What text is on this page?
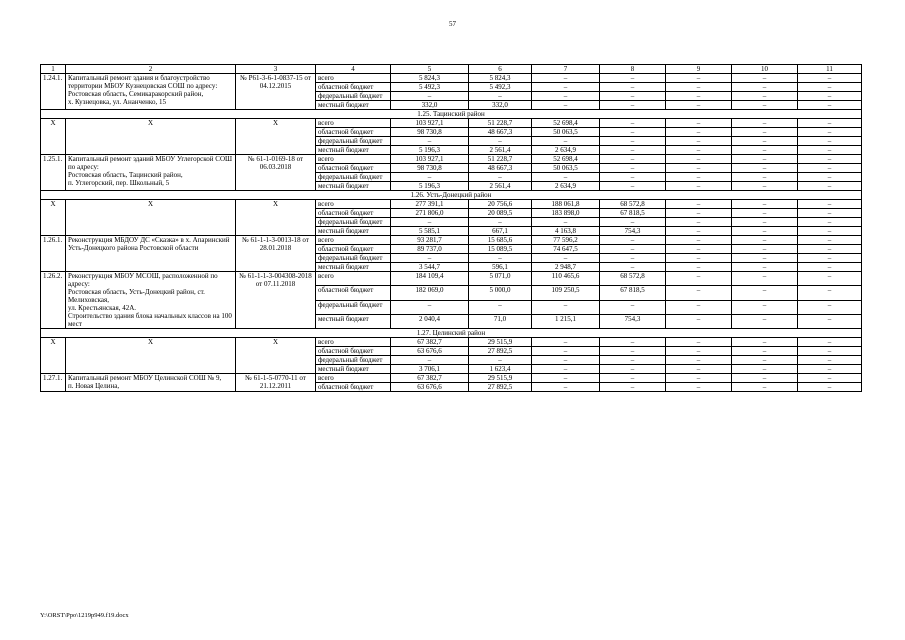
57
1	2	3	4	5	6	7	8	9	10	11
1.24.1.	Капитальный ремонт здания и благоустройство территории МБОУ Кузнецовская СОШ по адресу:
Ростовская область, Семикаракорский район,
х. Кузнецовка, ул. Ананченко, 15	№ Р61-3-6-1-0837-15 от 04.12.2015	всего	5 824,3	5 824,3	–	–	–	–	–
			областной бюджет	5 492,3	5 492,3	–	–	–	–	–
			федеральный бюджет	–	–	–	–	–	–	–
			местный бюджет	332,0	332,0	–	–	–	–	–
1.25. Тацинский район										
Х	Х	Х	всего	103 927,1	51 228,7	52 698,4	–	–	–	–
			областной бюджет	98 730,8	48 667,3	50 063,5	–	–	–	–
			федеральный бюджет	–	–	–	–	–	–	–
			местный бюджет	5 196,3	2 561,4	2 634,9	–	–	–	–
1.25.1.	Капитальный ремонт зданий МБОУ Углегорской СОШ по адресу:
Ростовская область, Тацинский район,
п. Углегорский, пер. Школьный, 5	№ 61-1-0169-18 от 06.03.2018	всего	103 927,1	51 228,7	52 698,4	–	–	–	–
			областной бюджет	98 730,8	48 667,3	50 063,5	–	–	–	–
			федеральный бюджет	–	–	–	–	–	–	–
			местный бюджет	5 196,3	2 561,4	2 634,9	–	–	–	–
1.26. Усть-Донецкий район										
Х	Х	Х	всего	277 391,1	20 756,6	188 061,8	68 572,8	–	–	–
			областной бюджет	271 806,0	20 089,5	183 898,0	67 818,5	–	–	–
			федеральный бюджет	–	–	–	–	–	–	–
			местный бюджет	5 585,1	667,1	4 163,8	754,3	–	–	–
1.26.1.	Реконструкция МБДОУ ДС «Сказка» в х. Апаринский Усть-Донецкого района Ростовской области	№ 61-1-1-3-0013-18 от 28.01.2018	всего	93 281,7	15 685,6	77 596,2	–	–	–	–
			областной бюджет	89 737,0	15 089,5	74 647,5	–	–	–	–
			федеральный бюджет	–	–	–	–	–	–	–
			местный бюджет	3 544,7	596,1	2 948,7	–	–	–	–
1.26.2.	Реконструкция МБОУ МСОШ, расположенной по адресу:
Ростовская область, Усть-Донецкий район, ст. Мелиховская,
ул. Крестьянская, 42А.
Строительство здания блока начальных классов на 100 мест	№ 61-1-1-3-004308-2018 от 07.11.2018	всего	184 109,4	5 071,0	110 465,6	68 572,8	–	–	–
			областной бюджет	182 069,0	5 000,0	109 250,5	67 818,5	–	–	–
			федеральный бюджет	–	–	–	–	–	–	–
			местный бюджет	2 040,4	71,0	1 215,1	754,3	–	–	–
1.27. Целинский район										
Х	Х	Х	всего	67 382,7	29 515,9	–	–	–	–	–
			областной бюджет	63 676,6	27 892,5	–	–	–	–	–
			федеральный бюджет	–	–	–	–	–	–	–
			местный бюджет	3 706,1	1 623,4	–	–	–	–	–
1.27.1.	Капитальный ремонт МБОУ Целинской СОШ № 9,
п. Новая Целина,	№ 61-1-5-0770-11 от 21.12.2011	всего	67 382,7	29 515,9	–	–	–	–	–
			областной бюджет	63 676,6	27 892,5	–	–	–	–	–
Y:\ORST\Ppo\1219p949.f19.docx
